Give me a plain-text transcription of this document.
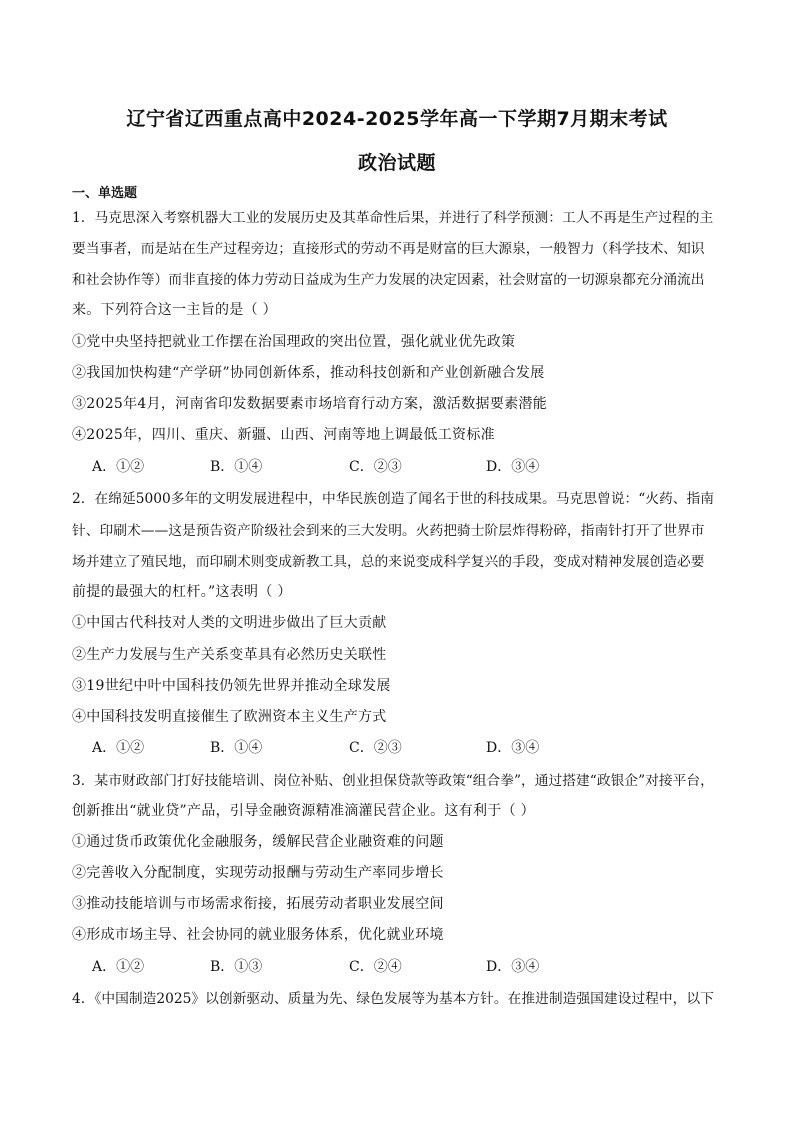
辽宁省辽西重点高中2024-2025学年高一下学期7月期末考试
政治试题
一、单选题
1．马克思深入考察机器大工业的发展历史及其革命性后果，并进行了科学预测：工人不再是生产过程的主
要当事者，而是站在生产过程旁边；直接形式的劳动不再是财富的巨大源泉，一般智力（科学技术、知识
和社会协作等）而非直接的体力劳动日益成为生产力发展的决定因素，社会财富的一切源泉都充分涌流出
来。下列符合这一主旨的是（ ）
①党中央坚持把就业工作摆在治国理政的突出位置，强化就业优先政策
②我国加快构建“产学研”协同创新体系，推动科技创新和产业创新融合发展
③2025年4月，河南省印发数据要素市场培育行动方案，激活数据要素潜能
④2025年，四川、重庆、新疆、山西、河南等地上调最低工资标准
A．①②	B．①④	C．②③	D．③④
2．在绵延5000多年的文明发展进程中，中华民族创造了闻名于世的科技成果。马克思曾说：“火药、指南
针、印刷术——这是预告资产阶级社会到来的三大发明。火药把骑士阶层炸得粉碎，指南针打开了世界市
场并建立了殖民地，而印刷术则变成新教工具，总的来说变成科学复兴的手段，变成对精神发展创造必要
前提的最强大的杠杆。”这表明（ ）
①中国古代科技对人类的文明进步做出了巨大贡献
②生产力发展与生产关系变革具有必然历史关联性
③19世纪中叶中国科技仍领先世界并推动全球发展
④中国科技发明直接催生了欧洲资本主义生产方式
A．①②	B．①④	C．②③	D．③④
3．某市财政部门打好技能培训、岗位补贴、创业担保贷款等政策“组合拳”，通过搭建“政银企”对接平台，
创新推出“就业贷”产品，引导金融资源精准滴灌民营企业。这有利于（ ）
①通过货币政策优化金融服务，缓解民营企业融资难的问题
②完善收入分配制度，实现劳动报酬与劳动生产率同步增长
③推动技能培训与市场需求衔接，拓展劳动者职业发展空间
④形成市场主导、社会协同的就业服务体系，优化就业环境
A．①②	B．①③	C．②④	D．③④
4．《中国制造2025》以创新驱动、质量为先、绿色发展等为基本方针。在推进制造强国建设过程中，以下
